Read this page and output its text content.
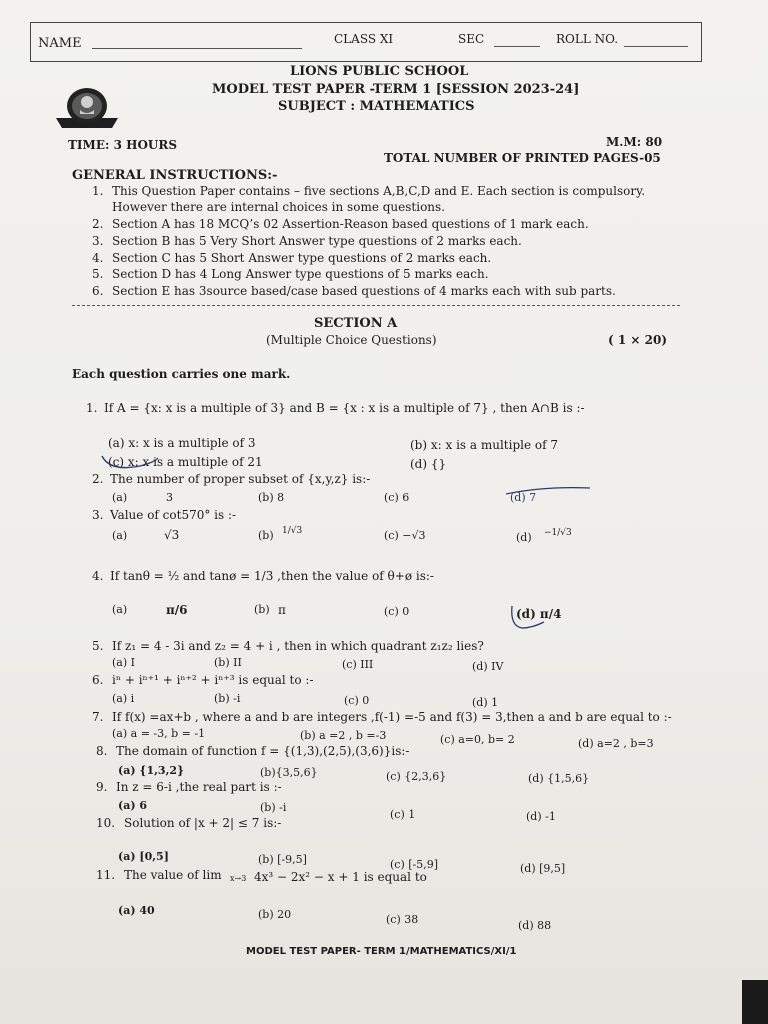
NAME	CLASS XI	SEC	ROLL NO.
LIONS PUBLIC SCHOOL
MODEL TEST PAPER -TERM 1 [SESSION 2023-24]
SUBJECT : MATHEMATICS
TIME: 3 HOURS	M.M: 80
TOTAL NUMBER OF PRINTED PAGES-05
GENERAL INSTRUCTIONS:-
1. This Question Paper contains – five sections A,B,C,D and E. Each section is compulsory.
However there are internal choices in some questions.
2. Section A has 18 MCQ’s 02 Assertion-Reason based questions of 1 mark each.
3. Section B has 5 Very Short Answer type questions of 2 marks each.
4. Section C has 5 Short Answer type questions of 2 marks each.
5. Section D has 4 Long Answer type questions of 5 marks each.
6. Section E has 3source based/case based questions of 4 marks each with sub parts.
SECTION A
(Multiple Choice Questions)	( 1 × 20)
Each question carries one mark.
1. If A = {x: x is a multiple of 3} and B = {x : x is a multiple of 7} , then A∩B is :-
(a) x: x is a multiple of 3	(b) x: x is a multiple of 7
(c) x: x is a multiple of 21	(d) {}
2. The number of proper subset of {x,y,z} is:-
(a)	3	(b) 8	(c) 6	(d) 7
3. Value of cot570° is :-
(a)	√3	(b) 1/√3	(c) −√3	(d) −1/√3
4. If tanθ = ½ and tanø = 1/3 ,then the value of θ+ø is:-
(a)	π/6	(b) π	(c) 0	(d) π/4
5. If z₁ = 4 - 3i and z₂ = 4 + i , then in which quadrant z₁z₂ lies?
(a) I	(b) II	(c) III	(d) IV
6. iⁿ + iⁿ⁺¹ + iⁿ⁺² + iⁿ⁺³ is equal to :-
(a) i	(b) -i	(c) 0	(d) 1
7. If f(x) =ax+b , where a and b are integers ,f(-1) =-5 and f(3) = 3,then a and b are equal to :-
(a) a = -3, b = -1	(b) a =2 , b =-3	(c) a=0, b= 2	(d) a=2 , b=3
8. The domain of function f = {(1,3),(2,5),(3,6)}is:-
(a) {1,3,2}	(b){3,5,6}	(c) {2,3,6}	(d) {1,5,6}
9. In z = 6-i ,the real part is :-
(a) 6	(b) -i
(c) 1	(d) -1
10. Solution of |x + 2| ≤ 7 is:-
(a) [0,5]	(b) [-9,5]	(c) [-5,9]	(d) [9,5]
11. The value of lim x→3 4x³ − 2x² − x + 1 is equal to
(a) 40	(b) 20	(c) 38	(d) 88
MODEL TEST PAPER- TERM 1/MATHEMATICS/XI/1
